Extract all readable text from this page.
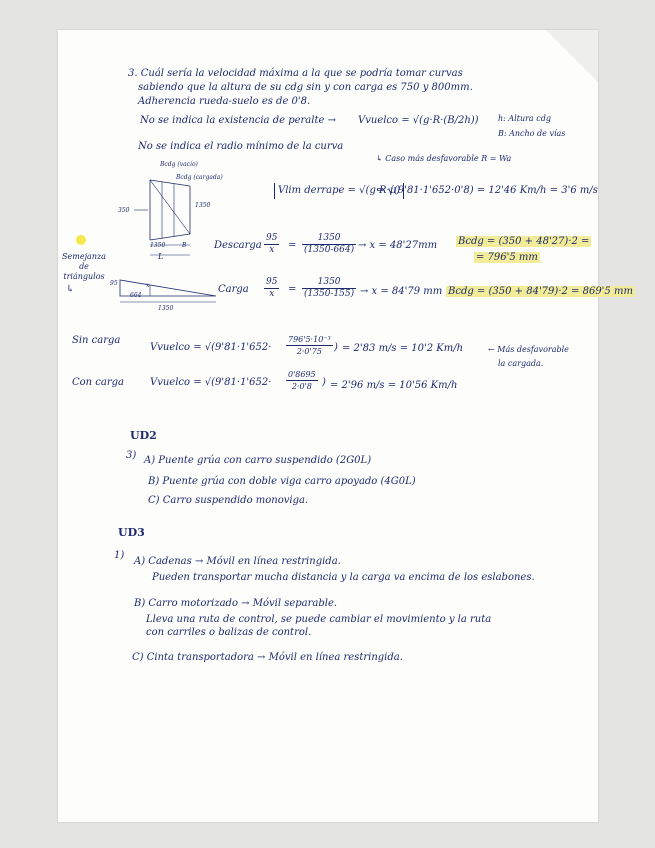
3. Cuál sería la velocidad máxima a la que se podría tomar curvas
sabiendo que la altura de su cdg sin y con carga es 750 y 800mm.
Adherencia rueda-suelo es de 0'8.
No se indica la existencia de peralte → Vvuelco = √(g·R·(B/2h)) h: Altura cdg
B: Ancho de vías
No se indica el radio mínimo de la curva
↳ Caso más desfavorable R = Wa
Bcdg (vacío)
Bcdg (cargada)
350
1350
1350
L
B
Vlim derrape = √(g·R·μ)
= √(9'81·1'652·0'8) = 12'46 Km/h = 3'6 m/s
Semejanza de triángulos
↳
95	x
664
1350
Descarga $\frac{95}{x} = \frac{1350}{(1350-664)} \to x = 48'27mm$ Bcdg = (350 + 48'27)·2 =
= 796'5 mm
Carga $\frac{95}{x} = \frac{1350}{(1350-155)} \to x = 84'79$ mm Bcdg = (350 + 84'79)·2 = 869'5 mm
Sin carga
Vvuelco = $√(9'81\cdot 1'652\cdot \frac{\text{796'5·10⁻³}}{2\cdot 0'75}$ ) = 2'83 m/s = 10'2 Km/h	← Más desfavorable
la cargada.
Con carga	Vvuelco = $√(9'81\cdot 1'652\cdot \frac{0'8695}{2\cdot 0'8}$ ) = 2'96 m/s = 10'56 Km/h
UD2
3) A) Puente grúa con carro suspendido (2G0L)
B) Puente grúa con doble viga carro apoyado (4G0L)
C) Carro suspendido monoviga.
UD3
1)
A) Cadenas → Móvil en línea restringida.
Pueden transportar mucha distancia y la carga va encima de los eslabones.
B) Carro motorizado → Móvil separable.
Lleva una ruta de control, se puede cambiar el movimiento y la ruta
con carriles o balizas de control.
C) Cinta transportadora → Móvil en línea restringida.
